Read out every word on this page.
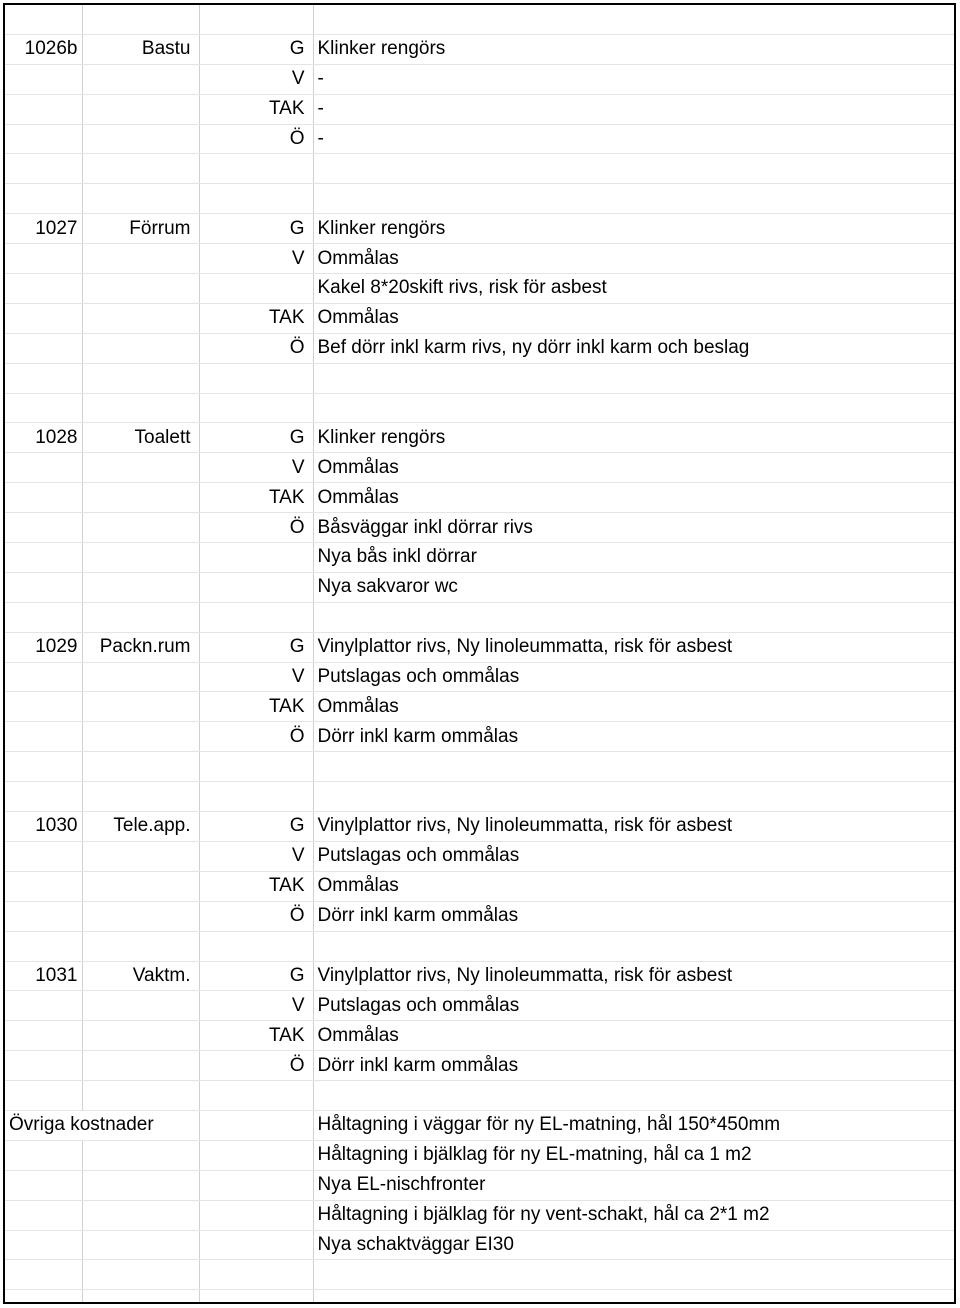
1026b	Bastu	G	Klinker rengörs	
		V	-	
		TAK	-	
		Ö	-	

1027	Förrum	G	Klinker rengörs	
		V	Ommålas	
			Kakel 8*20skift rivs, risk för asbest	
		TAK	Ommålas	
		Ö	Bef dörr inkl karm rivs, ny dörr inkl karm och beslag	

1028	Toalett	G	Klinker rengörs	
		V	Ommålas	
		TAK	Ommålas	
		Ö	Båsväggar inkl dörrar rivs	
			Nya bås inkl dörrar	
			Nya sakvaror wc	

1029	Packn.rum	G	Vinylplattor rivs, Ny linoleummatta, risk för asbest	
		V	Putslagas och ommålas	
		TAK	Ommålas	
		Ö	Dörr inkl karm ommålas	

1030	Tele.app.	G	Vinylplattor rivs, Ny linoleummatta, risk för asbest	
		V	Putslagas och ommålas	
		TAK	Ommålas	
		Ö	Dörr inkl karm ommålas	

1031	Vaktm.	G	Vinylplattor rivs, Ny linoleummatta, risk för asbest	
		V	Putslagas och ommålas	
		TAK	Ommålas	
		Ö	Dörr inkl karm ommålas	

Övriga kostnader			Håltagning i väggar för ny EL-matning, hål 150*450mm	
			Håltagning i bjälklag för ny EL-matning, hål ca 1 m2	
			Nya EL-nischfronter	
			Håltagning i bjälklag för ny vent-schakt, hål ca 2*1 m2	
			Nya schaktväggar EI30	
